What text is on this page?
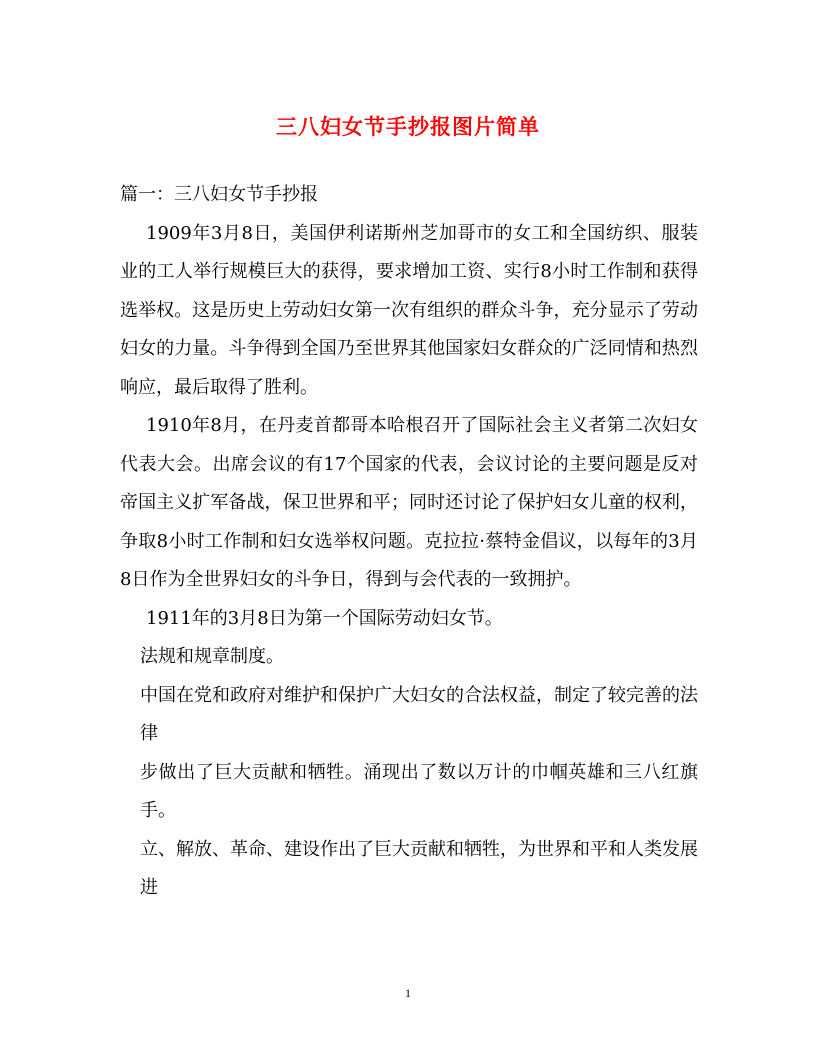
三八妇女节手抄报图片简单

篇一：三八妇女节手抄报

1909年3月8日，美国伊利诺斯州芝加哥市的女工和全国纺织、服装业的工人举行规模巨大的获得，要求增加工资、实行8小时工作制和获得选举权。这是历史上劳动妇女第一次有组织的群众斗争，充分显示了劳动妇女的力量。斗争得到全国乃至世界其他国家妇女群众的广泛同情和热烈响应，最后取得了胜利。

1910年8月，在丹麦首都哥本哈根召开了国际社会主义者第二次妇女代表大会。出席会议的有17个国家的代表，会议讨论的主要问题是反对帝国主义扩军备战，保卫世界和平；同时还讨论了保护妇女儿童的权利，争取8小时工作制和妇女选举权问题。克拉拉·蔡特金倡议，以每年的3月8日作为全世界妇女的斗争日，得到与会代表的一致拥护。

1911年的3月8日为第一个国际劳动妇女节。

法规和规章制度。

中国在党和政府对维护和保护广大妇女的合法权益，制定了较完善的法律

步做出了巨大贡献和牺牲。涌现出了数以万计的巾帼英雄和三八红旗手。

立、解放、革命、建设作出了巨大贡献和牺牲，为世界和平和人类发展进

1
